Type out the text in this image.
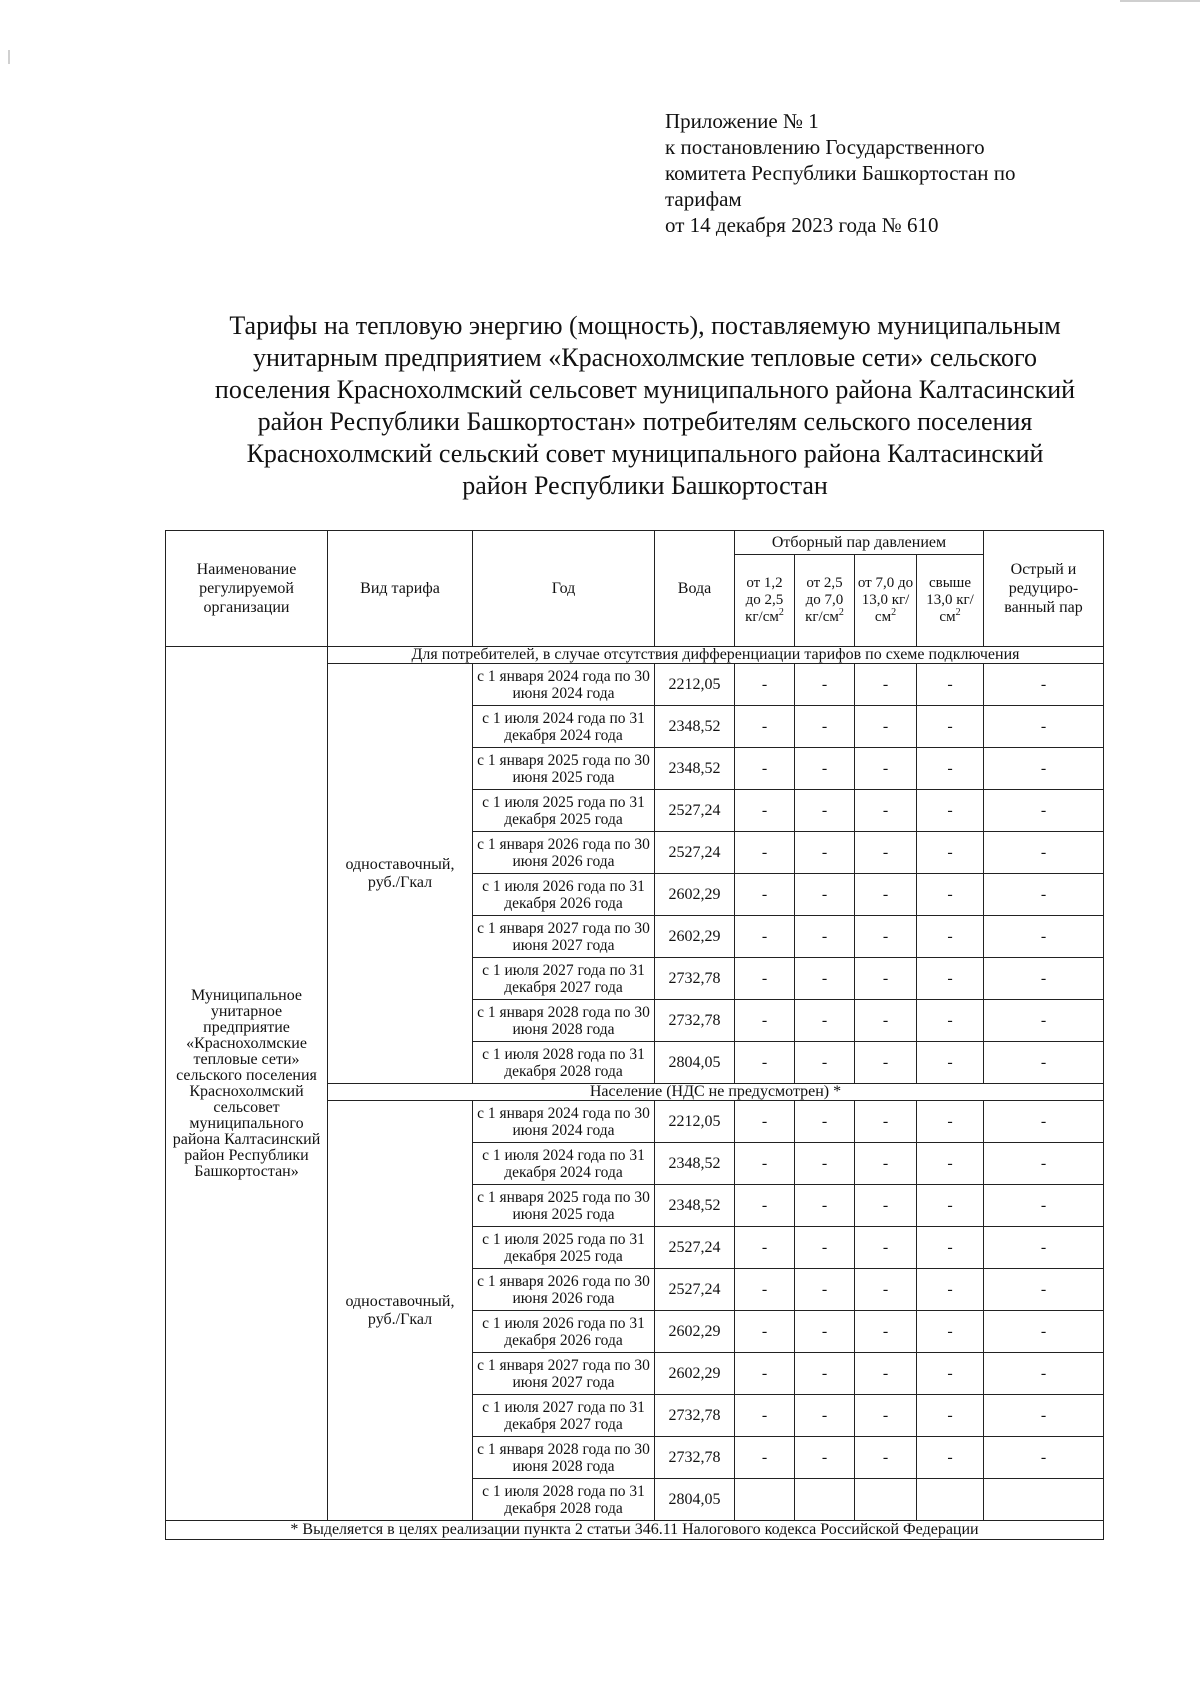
Приложение № 1
к постановлению Государственного
комитета Республики Башкортостан по
тарифам
от 14 декабря 2023 года № 610
Тарифы на тепловую энергию (мощность), поставляемую муниципальным
унитарным предприятием «Краснохолмские тепловые сети» сельского
поселения Краснохолмский сельсовет муниципального района Калтасинский
район Республики Башкортостан» потребителям сельского поселения
Краснохолмский сельский совет муниципального района Калтасинский
район Республики Башкортостан
Наименование регулируемой организации	Вид тарифа	Год	Вода	Отборный пар давлением				Острый и редуциро-ванный пар
				от 1,2 до 2,5 $кг/см^2$	от 2,5 до 7,0 $кг/см^2$	от 7,0 до 13,0 $кг/см^2$	свыше 13,0 $кг/см^2$
Муниципальное унитарное предприятие «Краснохолмские тепловые сети» сельского поселения Краснохолмский сельсовет муниципального района Калтасинский район Республики Башкортостан»	Для потребителей, в случае отсутствия дифференциации тарифов по схеме подключения							
	одноставочный, руб./Гкал	с 1 января 2024 года по 30 июня 2024 года	2212,05	-	-	-	-	-
		с 1 июля 2024 года по 31 декабря 2024 года	2348,52	-	-	-	-	-
		с 1 января 2025 года по 30 июня 2025 года	2348,52	-	-	-	-	-
		с 1 июля 2025 года по 31 декабря 2025 года	2527,24	-	-	-	-	-
		с 1 января 2026 года по 30 июня 2026 года	2527,24	-	-	-	-	-
		с 1 июля 2026 года по 31 декабря 2026 года	2602,29	-	-	-	-	-
		с 1 января 2027 года по 30 июня 2027 года	2602,29	-	-	-	-	-
		с 1 июля 2027 года по 31 декабря 2027 года	2732,78	-	-	-	-	-
		с 1 января 2028 года по 30 июня 2028 года	2732,78	-	-	-	-	-
		с 1 июля 2028 года по 31 декабря 2028 года	2804,05	-	-	-	-	-
	Население (НДС не предусмотрен) *							
	одноставочный, руб./Гкал	с 1 января 2024 года по 30 июня 2024 года	2212,05	-	-	-	-	-
		с 1 июля 2024 года по 31 декабря 2024 года	2348,52	-	-	-	-	-
		с 1 января 2025 года по 30 июня 2025 года	2348,52	-	-	-	-	-
		с 1 июля 2025 года по 31 декабря 2025 года	2527,24	-	-	-	-	-
		с 1 января 2026 года по 30 июня 2026 года	2527,24	-	-	-	-	-
		с 1 июля 2026 года по 31 декабря 2026 года	2602,29	-	-	-	-	-
		с 1 января 2027 года по 30 июня 2027 года	2602,29	-	-	-	-	-
		с 1 июля 2027 года по 31 декабря 2027 года	2732,78	-	-	-	-	-
		с 1 января 2028 года по 30 июня 2028 года	2732,78	-	-	-	-	-
		с 1 июля 2028 года по 31 декабря 2028 года	2804,05					
* Выделяется в целях реализации пункта 2 статьи 346.11 Налогового кодекса Российской Федерации								
